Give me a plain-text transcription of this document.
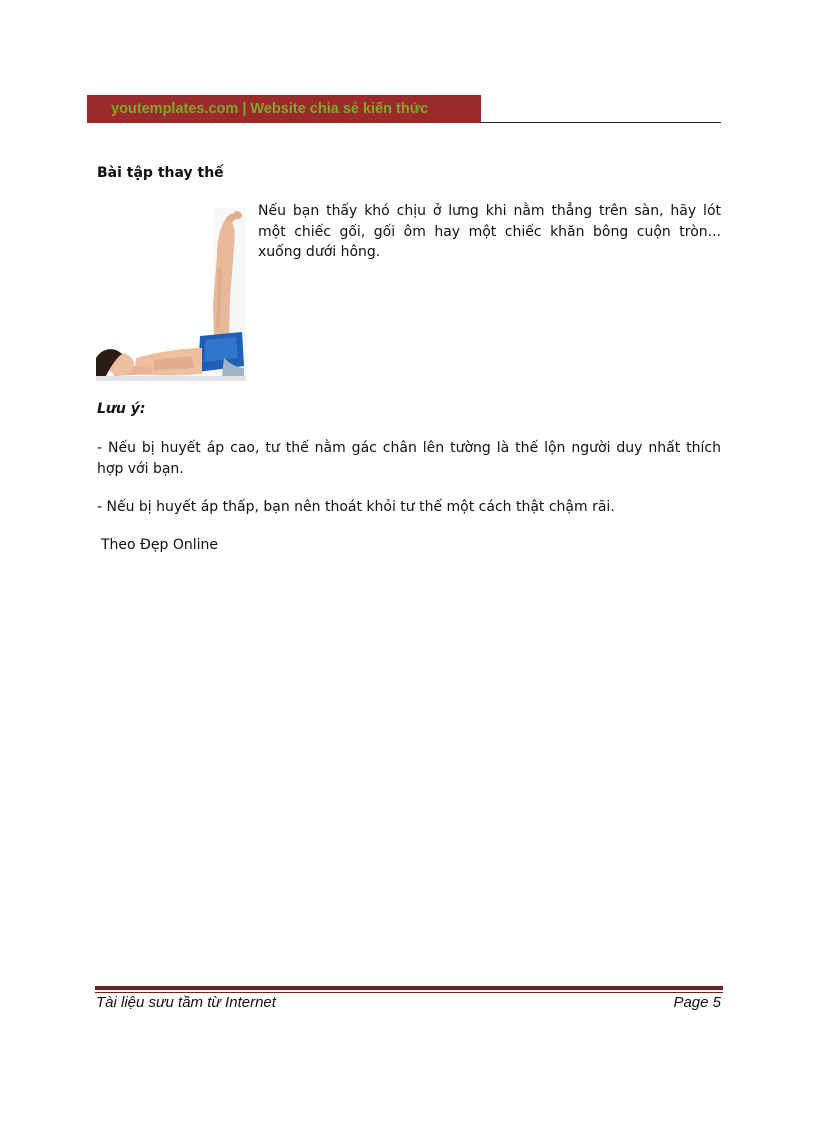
youtemplates.com | Website chia sẻ kiến thức
Bài tập thay thế

Nếu bạn thấy khó chịu ở lưng khi nằm thẳng trên sàn, hãy lót một chiếc gối, gối ôm hay một chiếc khăn bông cuộn tròn... xuống dưới hông.

Lưu ý:

- Nếu bị huyết áp cao, tư thế nằm gác chân lên tường là thế lộn người duy nhất thích hợp với bạn.

- Nếu bị huyết áp thấp, bạn nên thoát khỏi tư thế một cách thật chậm rãi.

Theo Đẹp Online
Tài liệu sưu tầm từ Internet	Page 5
